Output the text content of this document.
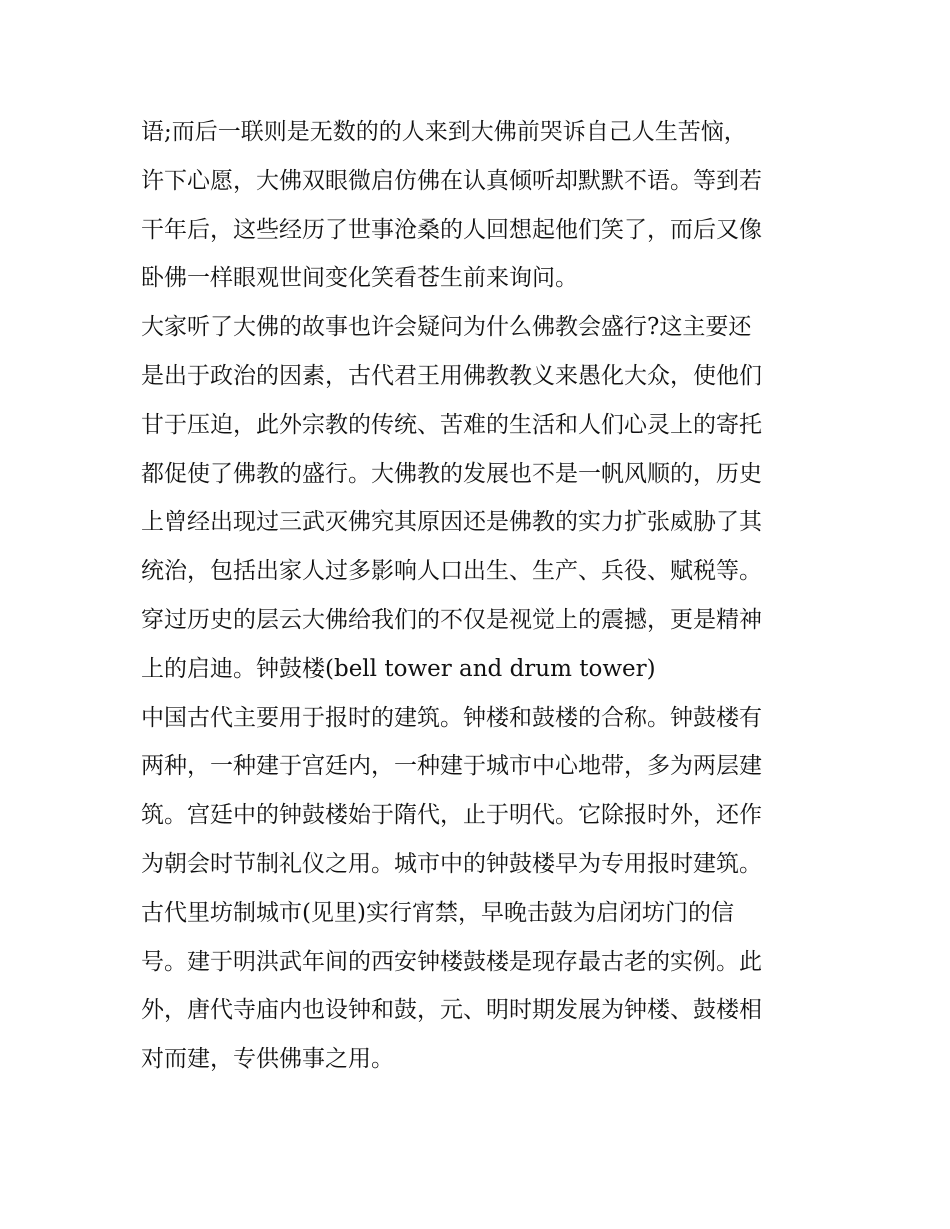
语;而后一联则是无数的的人来到大佛前哭诉自己人生苦恼，
许下心愿，大佛双眼微启仿佛在认真倾听却默默不语。等到若
干年后，这些经历了世事沧桑的人回想起他们笑了，而后又像
卧佛一样眼观世间变化笑看苍生前来询问。
大家听了大佛的故事也许会疑问为什么佛教会盛行?这主要还
是出于政治的因素，古代君王用佛教教义来愚化大众，使他们
甘于压迫，此外宗教的传统、苦难的生活和人们心灵上的寄托
都促使了佛教的盛行。大佛教的发展也不是一帆风顺的，历史
上曾经出现过三武灭佛究其原因还是佛教的实力扩张威胁了其
统治，包括出家人过多影响人口出生、生产、兵役、赋税等。
穿过历史的层云大佛给我们的不仅是视觉上的震撼，更是精神
上的启迪。钟鼓楼(bell tower and drum tower)
中国古代主要用于报时的建筑。钟楼和鼓楼的合称。钟鼓楼有
两种，一种建于宫廷内，一种建于城市中心地带，多为两层建
筑。宫廷中的钟鼓楼始于隋代，止于明代。它除报时外，还作
为朝会时节制礼仪之用。城市中的钟鼓楼早为专用报时建筑。
古代里坊制城市(见里)实行宵禁，早晚击鼓为启闭坊门的信
号。建于明洪武年间的西安钟楼鼓楼是现存最古老的实例。此
外，唐代寺庙内也设钟和鼓，元、明时期发展为钟楼、鼓楼相
对而建，专供佛事之用。
